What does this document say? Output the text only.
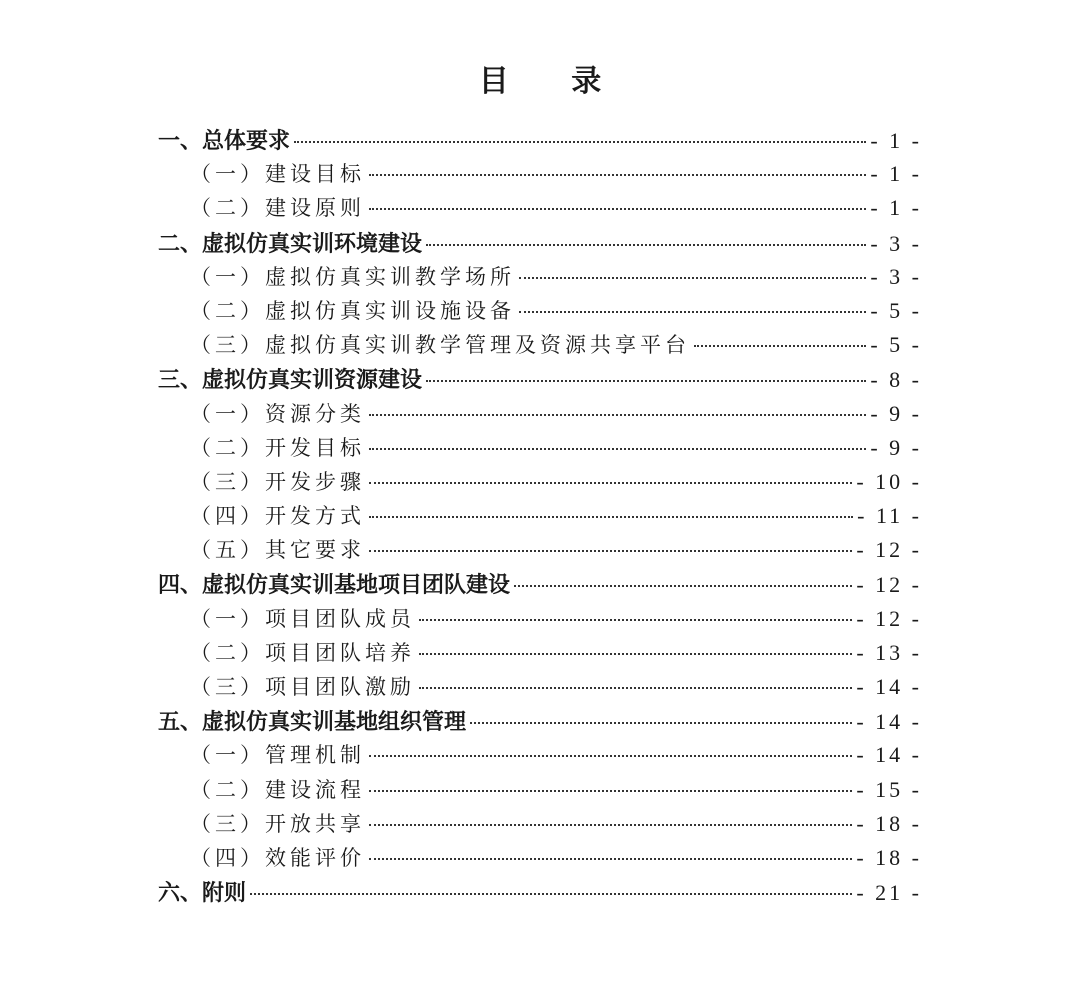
目 录
一、总体要求	- 1 -
（一）建设目标	- 1 -
（二）建设原则	- 1 -
二、虚拟仿真实训环境建设	- 3 -
（一）虚拟仿真实训教学场所	- 3 -
（二）虚拟仿真实训设施设备	- 5 -
（三）虚拟仿真实训教学管理及资源共享平台	- 5 -
三、虚拟仿真实训资源建设	- 8 -
（一）资源分类	- 9 -
（二）开发目标	- 9 -
（三）开发步骤	- 10 -
（四）开发方式	- 11 -
（五）其它要求	- 12 -
四、虚拟仿真实训基地项目团队建设	- 12 -
（一）项目团队成员	- 12 -
（二）项目团队培养	- 13 -
（三）项目团队激励	- 14 -
五、虚拟仿真实训基地组织管理	- 14 -
（一）管理机制	- 14 -
（二）建设流程	- 15 -
（三）开放共享	- 18 -
（四）效能评价	- 18 -
六、附则	- 21 -
